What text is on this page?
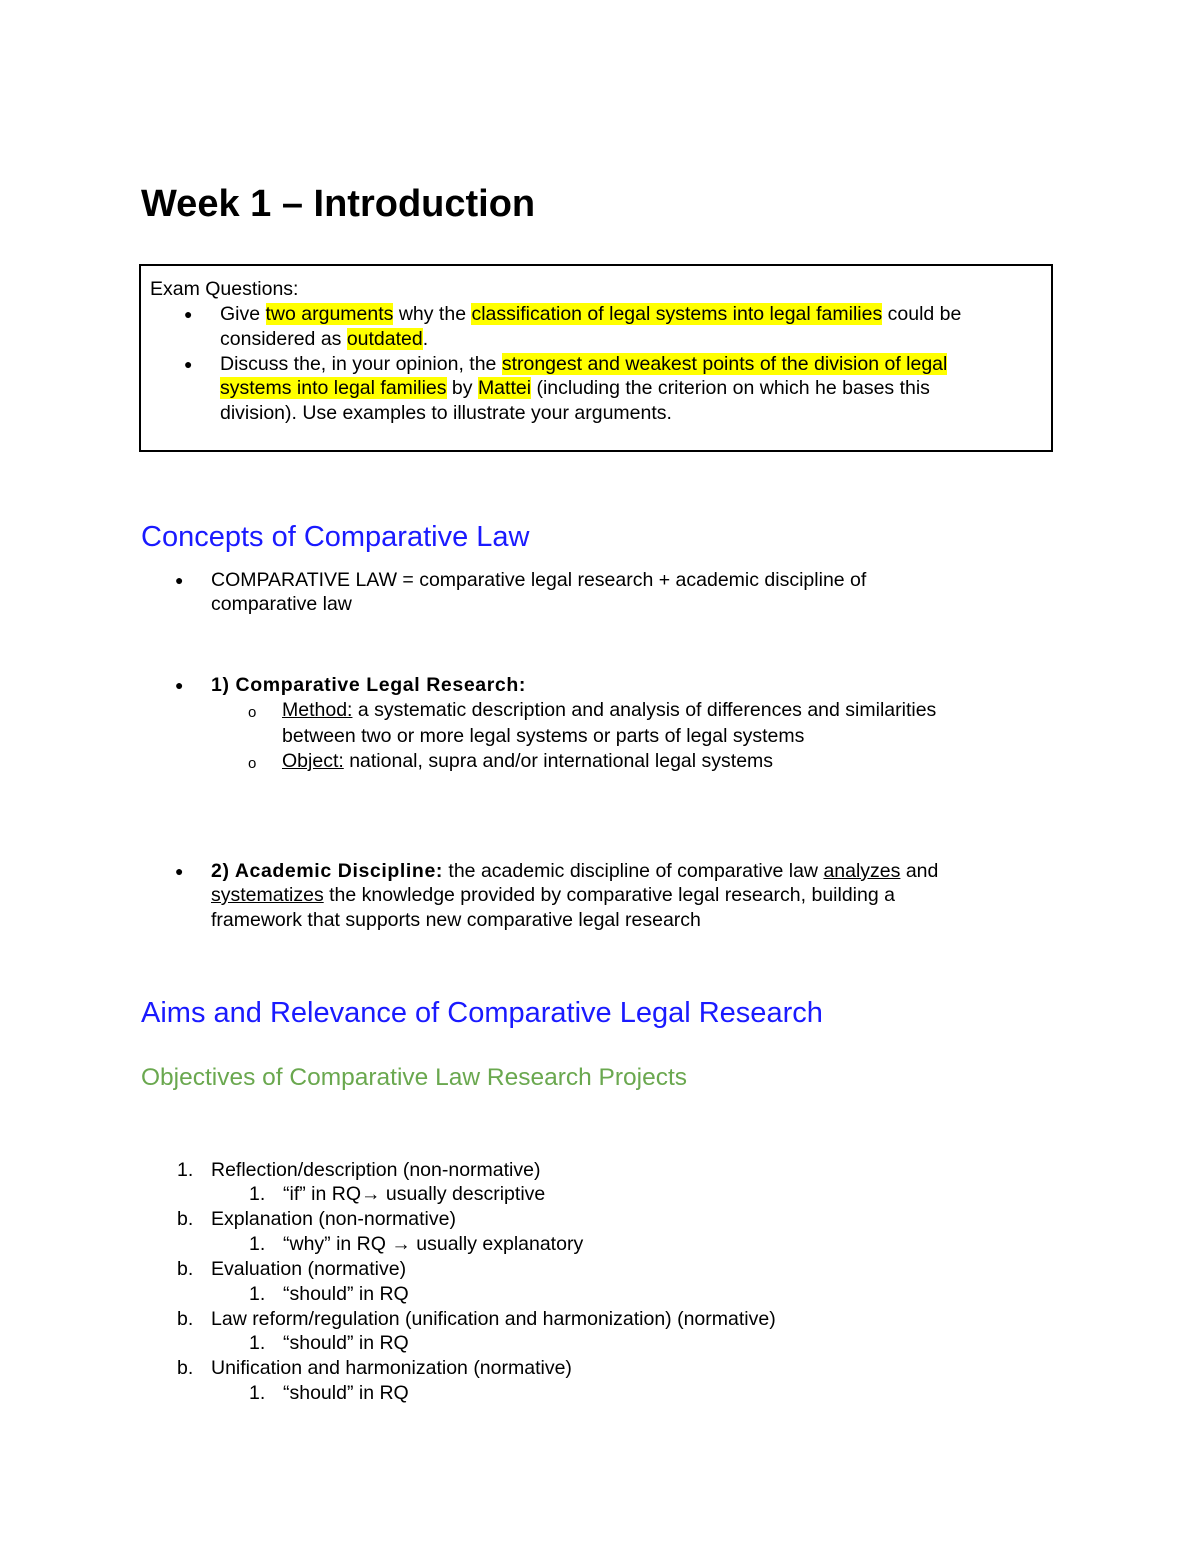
Week 1 – Introduction
Exam Questions:
● Give two arguments why the classification of legal systems into legal families could be
considered as outdated.
● Discuss the, in your opinion, the strongest and weakest points of the division of legal
systems into legal families by Mattei (including the criterion on which he bases this
division). Use examples to illustrate your arguments.
Concepts of Comparative Law
● COMPARATIVE LAW = comparative legal research + academic discipline of
comparative law
● 1) Comparative Legal Research:
o Method: a systematic description and analysis of differences and similarities
between two or more legal systems or parts of legal systems
o Object: national, supra and/or international legal systems
● 2) Academic Discipline: the academic discipline of comparative law analyzes and
systematizes the knowledge provided by comparative legal research, building a
framework that supports new comparative legal research
Aims and Relevance of Comparative Legal Research
Objectives of Comparative Law Research Projects
1. Reflection/description (non-normative)
1. “if” in RQ→ usually descriptive
b. Explanation (non-normative)
1. “why” in RQ → usually explanatory
b. Evaluation (normative)
1. “should” in RQ
b. Law reform/regulation (unification and harmonization) (normative)
1. “should” in RQ
b. Unification and harmonization (normative)
1. “should” in RQ
